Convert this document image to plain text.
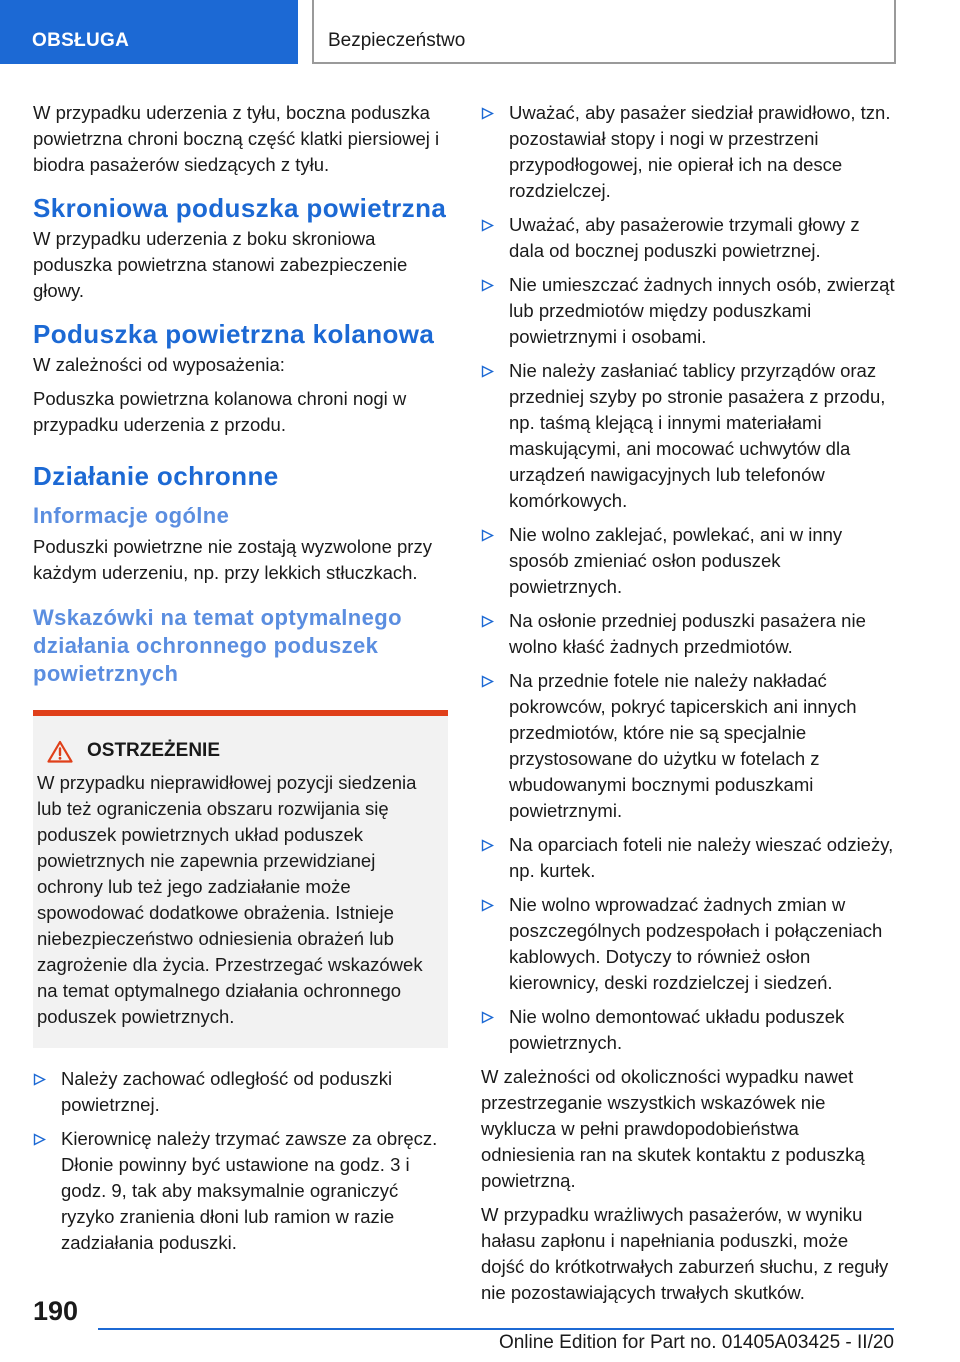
OBSŁUGA	Bezpieczeństwo

W przypadku uderzenia z tyłu, boczna poduszka powietrzna chroni boczną część klatki piersiowej i biodra pasażerów siedzących z tyłu.

Skroniowa poduszka powietrzna

W przypadku uderzenia z boku skroniowa poduszka powietrzna stanowi zabezpieczenie głowy.

Poduszka powietrzna kolanowa

W zależności od wyposażenia:

Poduszka powietrzna kolanowa chroni nogi w przypadku uderzenia z przodu.

Działanie ochronne
Informacje ogólne

Poduszki powietrzne nie zostają wyzwolone przy każdym uderzeniu, np. przy lekkich stłuczkach.

Wskazówki na temat optymalnego działania ochronnego poduszek powietrznych
OSTRZEŻENIE

W przypadku nieprawidłowej pozycji siedzenia lub też ograniczenia obszaru rozwijania się poduszek powietrznych układ poduszek powietrznych nie zapewnia przewidzianej ochrony lub też jego zadziałanie może spowodować dodatkowe obrażenia. Istnieje niebezpieczeństwo odniesienia obrażeń lub zagrożenie dla życia. Przestrzegać wskazówek na temat optymalnego działania ochronnego poduszek powietrznych.

Należy zachować odległość od poduszki powietrznej.
Kierownicę należy trzymać zawsze za obręcz. Dłonie powinny być ustawione na godz. 3 i godz. 9, tak aby maksymalnie ograniczyć ryzyko zranienia dłoni lub ramion w razie zadziałania poduszki.
Uważać, aby pasażer siedział prawidłowo, tzn. pozostawiał stopy i nogi w przestrzeni przypodłogowej, nie opierał ich na desce rozdzielczej.
Uważać, aby pasażerowie trzymali głowy z dala od bocznej poduszki powietrznej.
Nie umieszczać żadnych innych osób, zwierząt lub przedmiotów między poduszkami powietrznymi i osobami.
Nie należy zasłaniać tablicy przyrządów oraz przedniej szyby po stronie pasażera z przodu, np. taśmą klejącą i innymi materiałami maskującymi, ani mocować uchwytów dla urządzeń nawigacyjnych lub telefonów komórkowych.
Nie wolno zaklejać, powlekać, ani w inny sposób zmieniać osłon poduszek powietrznych.
Na osłonie przedniej poduszki pasażera nie wolno kłaść żadnych przedmiotów.
Na przednie fotele nie należy nakładać pokrowców, pokryć tapicerskich ani innych przedmiotów, które nie są specjalnie przystosowane do użytku w fotelach z wbudowanymi bocznymi poduszkami powietrznymi.
Na oparciach foteli nie należy wieszać odzieży, np. kurtek.
Nie wolno wprowadzać żadnych zmian w poszczególnych podzespołach i połączeniach kablowych. Dotyczy to również osłon kierownicy, deski rozdzielczej i siedzeń.
Nie wolno demontować układu poduszek powietrznych.

W zależności od okoliczności wypadku nawet przestrzeganie wszystkich wskazówek nie wyklucza w pełni prawdopodobieństwa odniesienia ran na skutek kontaktu z poduszką powietrzną.

W przypadku wrażliwych pasażerów, w wyniku hałasu zapłonu i napełniania poduszki, może dojść do krótkotrwałych zaburzeń słuchu, z reguły nie pozostawiających trwałych skutków.

190
Online Edition for Part no. 01405A03425 - II/20
